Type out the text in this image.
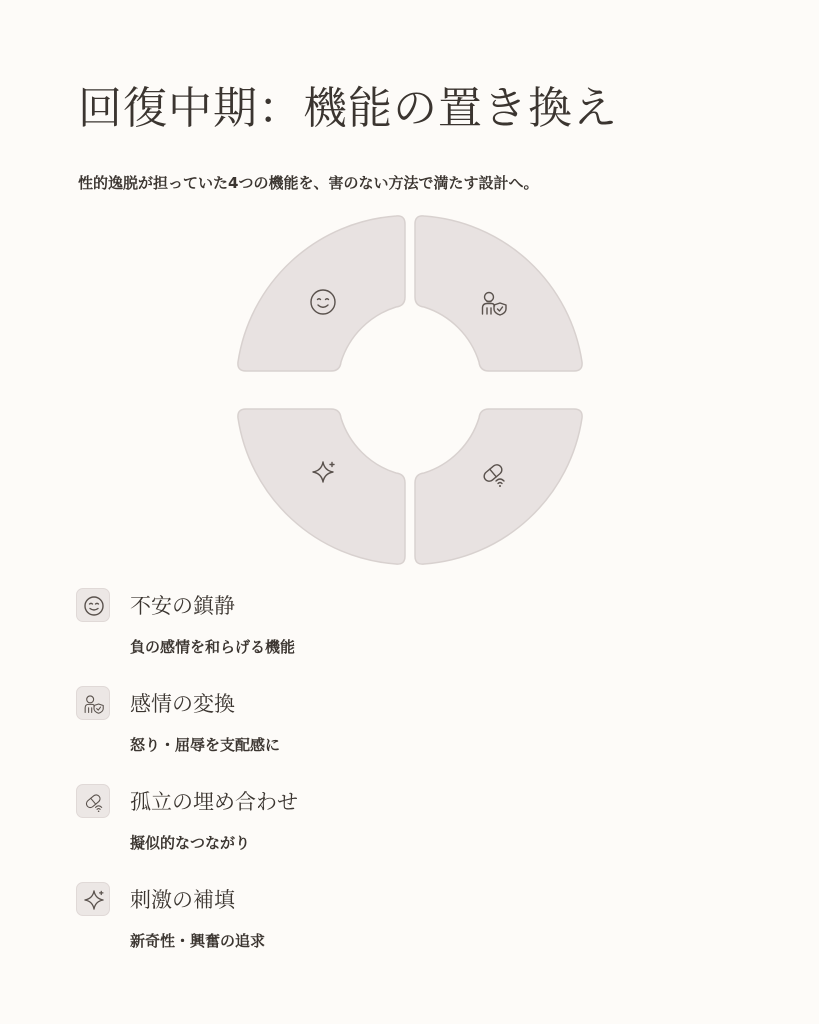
回復中期：機能の置き換え

性的逸脱が担っていた4つの機能を、害のない方法で満たす設計へ。

不安の鎮静
負の感情を和らげる機能
感情の変換
怒り・屈辱を支配感に
孤立の埋め合わせ
擬似的なつながり
刺激の補填
新奇性・興奮の追求
